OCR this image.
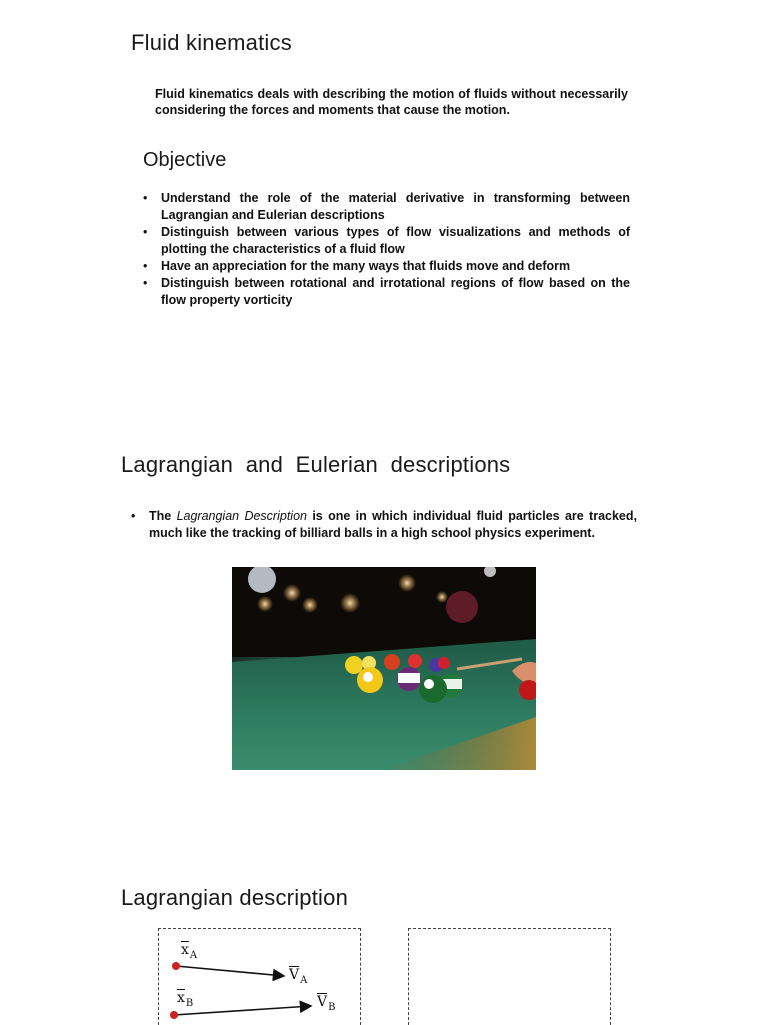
Fluid kinematics
Fluid kinematics deals with describing the motion of fluids without necessarily considering the forces and moments that cause the motion.
Objective
• Understand the role of the material derivative in transforming between Lagrangian and Eulerian descriptions
• Distinguish between various types of flow visualizations and methods of plotting the characteristics of a fluid flow
• Have an appreciation for the many ways that fluids move and deform
• Distinguish between rotational and irrotational regions of flow based on the flow property vorticity
Lagrangian  and  Eulerian  descriptions
• The Lagrangian Description is one in which individual fluid particles are tracked, much like the tracking of billiard balls in a high school physics experiment.
Lagrangian description
$\overline{x}_A$
$\overline{V}_A$
$\overline{x}_B$	$\overline{V}_B$
